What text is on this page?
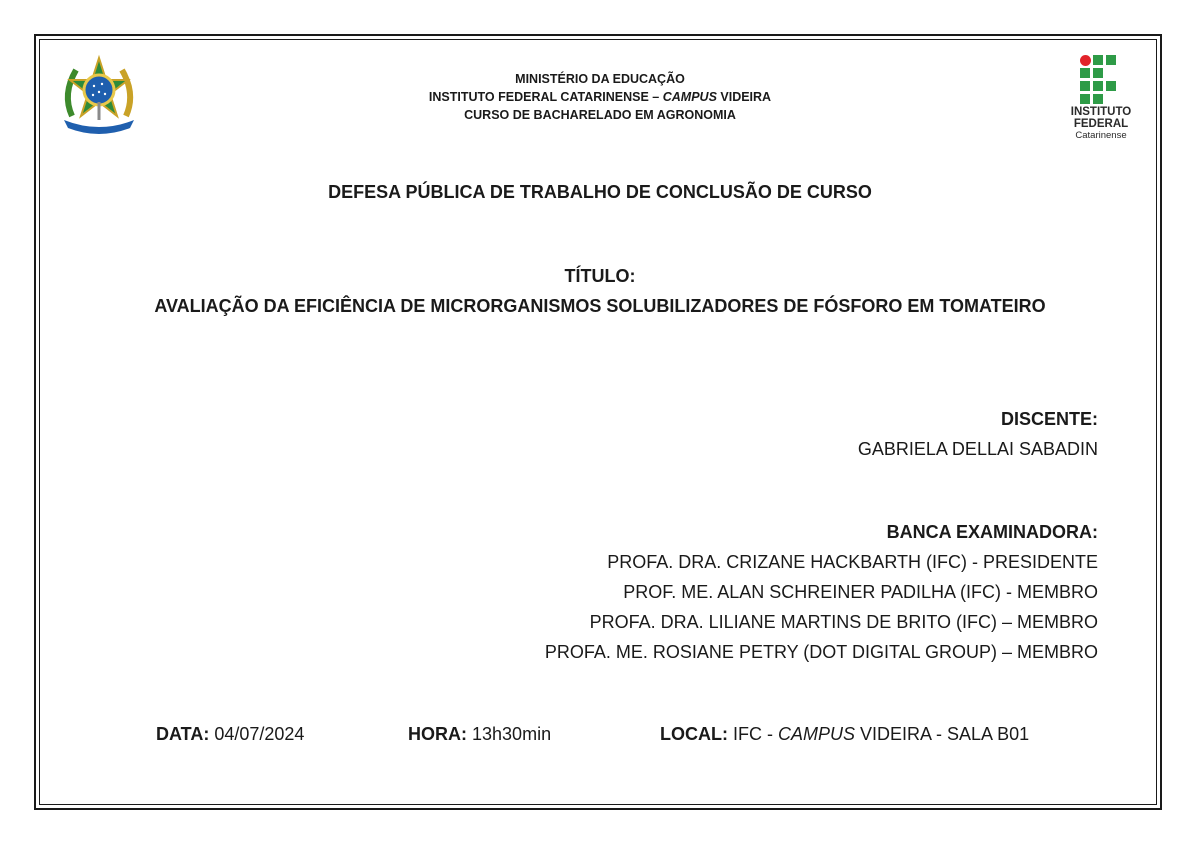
MINISTÉRIO DA EDUCAÇÃO
INSTITUTO FEDERAL CATARINENSE – CAMPUS VIDEIRA
CURSO DE BACHARELADO EM AGRONOMIA	INSTITUTO
FEDERAL
Catarinense
DEFESA PÚBLICA DE TRABALHO DE CONCLUSÃO DE CURSO
TÍTULO:
AVALIAÇÃO DA EFICIÊNCIA DE MICRORGANISMOS SOLUBILIZADORES DE FÓSFORO EM TOMATEIRO
DISCENTE:
GABRIELA DELLAI SABADIN
BANCA EXAMINADORA:
PROFA. DRA. CRIZANE HACKBARTH (IFC) - PRESIDENTE
PROF. ME. ALAN SCHREINER PADILHA (IFC) - MEMBRO
PROFA. DRA. LILIANE MARTINS DE BRITO (IFC) – MEMBRO
PROFA. ME. ROSIANE PETRY (DOT DIGITAL GROUP) – MEMBRO
DATA: 04/07/2024	HORA: 13h30min	LOCAL: IFC - CAMPUS VIDEIRA - SALA B01
